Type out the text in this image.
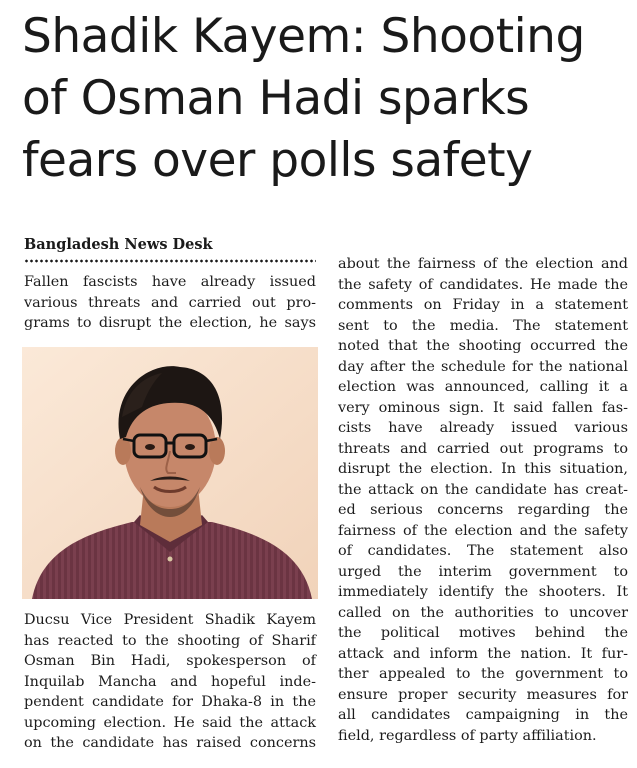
Shadik Kayem: Shooting
of Osman Hadi sparks
fears over polls safety
Bangladesh News Desk
Fallen fascists have already issued
various threats and carried out pro-
grams to disrupt the election, he says
Ducsu Vice President Shadik Kayem
has reacted to the shooting of Sharif
Osman Bin Hadi, spokesperson of
Inquilab Mancha and hopeful inde-
pendent candidate for Dhaka-8 in the
upcoming election. He said the attack
on the candidate has raised concerns
about the fairness of the election and
the safety of candidates. He made the
comments on Friday in a statement
sent to the media. The statement
noted that the shooting occurred the
day after the schedule for the national
election was announced, calling it a
very ominous sign. It said fallen fas-
cists have already issued various
threats and carried out programs to
disrupt the election. In this situation,
the attack on the candidate has creat-
ed serious concerns regarding the
fairness of the election and the safety
of candidates. The statement also
urged the interim government to
immediately identify the shooters. It
called on the authorities to uncover
the political motives behind the
attack and inform the nation. It fur-
ther appealed to the government to
ensure proper security measures for
all candidates campaigning in the
field, regardless of party affiliation.
